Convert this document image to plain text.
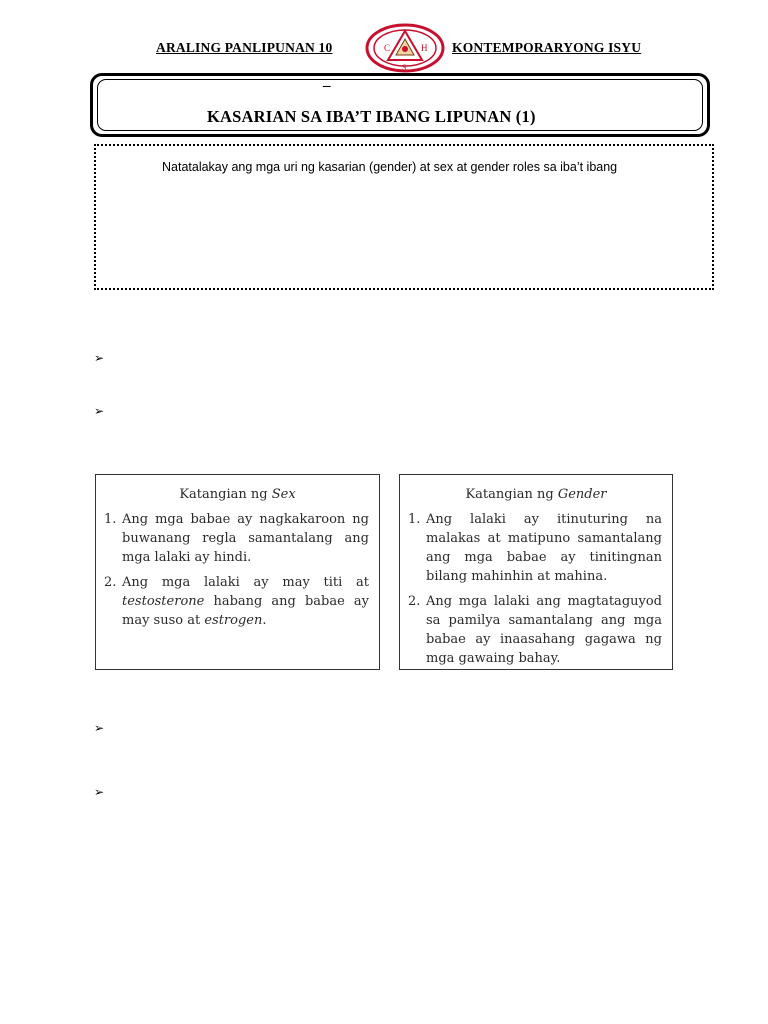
ARALING PANLIPUNAN 10	C	H
S
KONTEMPORARYONG ISYU
–
KASARIAN SA IBA’T IBANG LIPUNAN (1)
Natatalakay ang mga uri ng kasarian (gender) at sex at gender roles sa iba’t ibang
➢
➢
Katangian ng Sex
1. Ang mga babae ay nagkakaroon ng buwanang regla samantalang ang mga lalaki ay hindi.
2. Ang mga lalaki ay may titi at testosterone habang ang babae ay may suso at estrogen.
Katangian ng Gender
1. Ang lalaki ay itinuturing na malakas at matipuno samantalang ang mga babae ay tinitingnan bilang mahinhin at mahina.
2. Ang mga lalaki ang magtataguyod sa pamilya samantalang ang mga babae ay inaasahang gagawa ng mga gawaing bahay.
➢
➢
